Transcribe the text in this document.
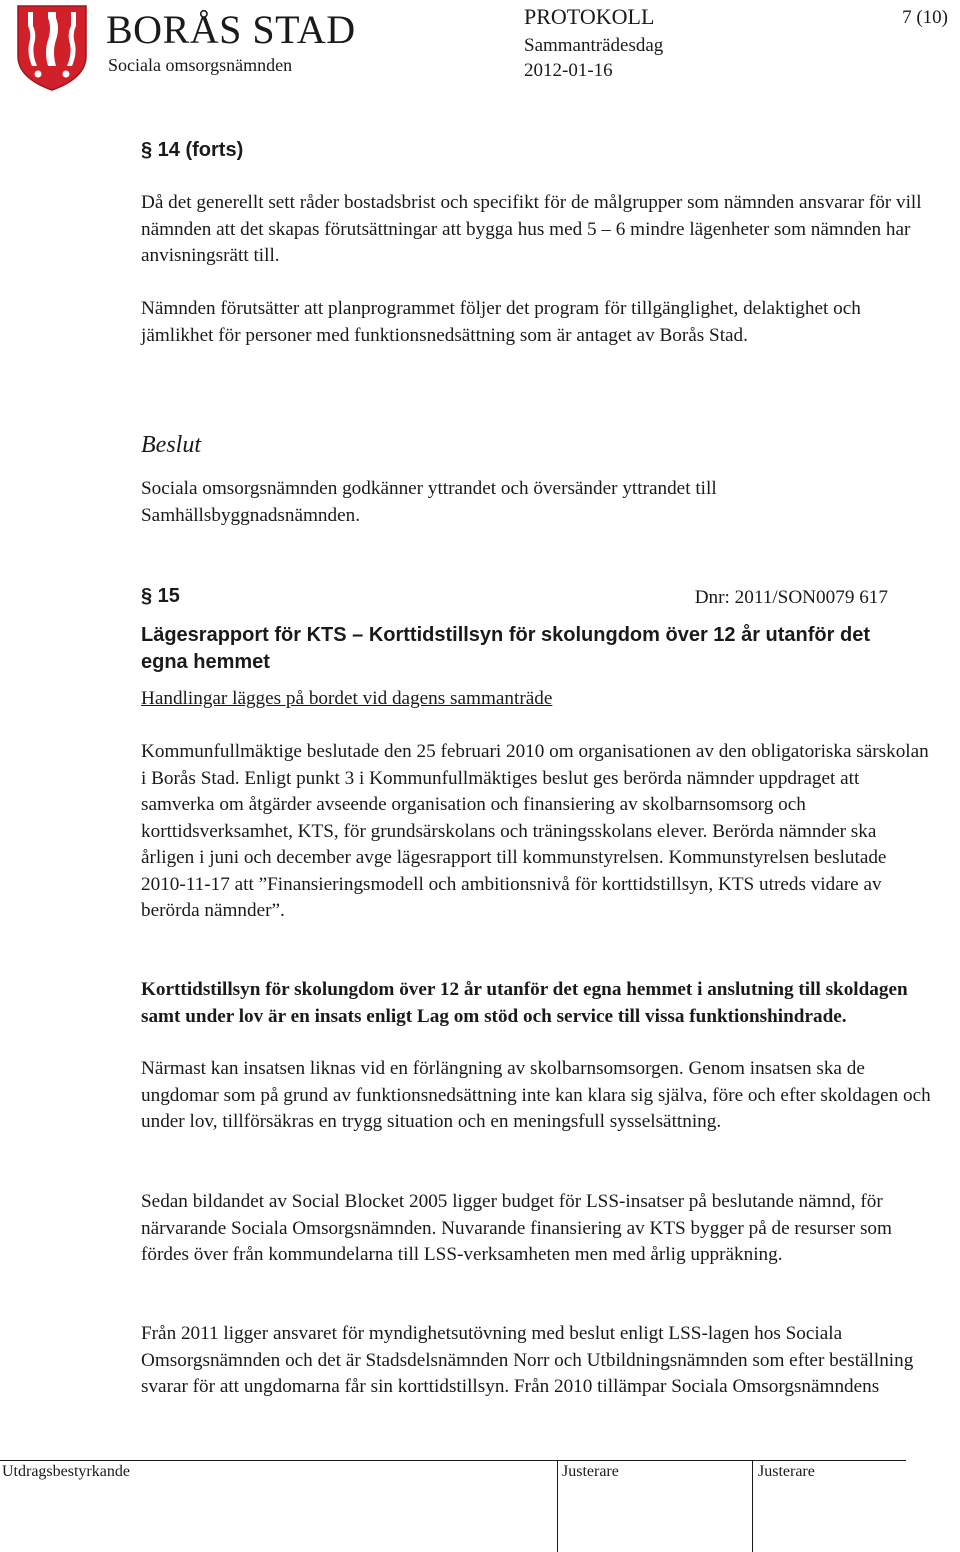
BORÅS STAD
Sociala omsorgsnämnden
PROTOKOLL
Sammanträdesdag
2012-01-16
7 (10)
§ 14 (forts)

Då det generellt sett råder bostadsbrist och specifikt för de målgrupper som nämnden ansvarar för vill nämnden att det skapas förutsättningar att bygga hus med 5 – 6 mindre lägenheter som nämnden har anvisningsrätt till.

Nämnden förutsätter att planprogrammet följer det program för tillgänglighet, delaktighet och jämlikhet för personer med funktionsnedsättning som är antaget av Borås Stad.

Beslut

Sociala omsorgsnämnden godkänner yttrandet och översänder yttrandet till Samhällsbyggnadsnämnden.

§ 15	Dnr: 2011/SON0079 617
Lägesrapport för KTS – Korttidstillsyn för skolungdom över 12 år utanför det egna hemmet
Handlingar lägges på bordet vid dagens sammanträde

Kommunfullmäktige beslutade den 25 februari 2010 om organisationen av den obligatoriska särskolan i Borås Stad. Enligt punkt 3 i Kommunfullmäktiges beslut ges berörda nämnder uppdraget att samverka om åtgärder avseende organisation och finansiering av skolbarnsomsorg och korttidsverksamhet, KTS, för grundsärskolans och träningsskolans elever. Berörda nämnder ska årligen i juni och december avge lägesrapport till kommunstyrelsen. Kommunstyrelsen beslutade 2010-11-17 att ”Finansieringsmodell och ambitionsnivå för korttidstillsyn, KTS utreds vidare av berörda nämnder”.

Korttidstillsyn för skolungdom över 12 år utanför det egna hemmet i anslutning till skoldagen samt under lov är en insats enligt Lag om stöd och service till vissa funktionshindrade.

Närmast kan insatsen liknas vid en förlängning av skolbarnsomsorgen. Genom insatsen ska de ungdomar som på grund av funktionsnedsättning inte kan klara sig själva, före och efter skoldagen och under lov, tillförsäkras en trygg situation och en meningsfull sysselsättning.

Sedan bildandet av Social Blocket 2005 ligger budget för LSS-insatser på beslutande nämnd, för närvarande Sociala Omsorgsnämnden. Nuvarande finansiering av KTS bygger på de resurser som fördes över från kommundelarna till LSS-verksamheten men med årlig uppräkning.

Från 2011 ligger ansvaret för myndighetsutövning med beslut enligt LSS-lagen hos Sociala Omsorgsnämnden och det är Stadsdelsnämnden Norr och Utbildningsnämnden som efter beställning svarar för att ungdomarna får sin korttidstillsyn. Från 2010 tillämpar Sociala Omsorgsnämndens

Utdragsbestyrkande	Justerare	Justerare
